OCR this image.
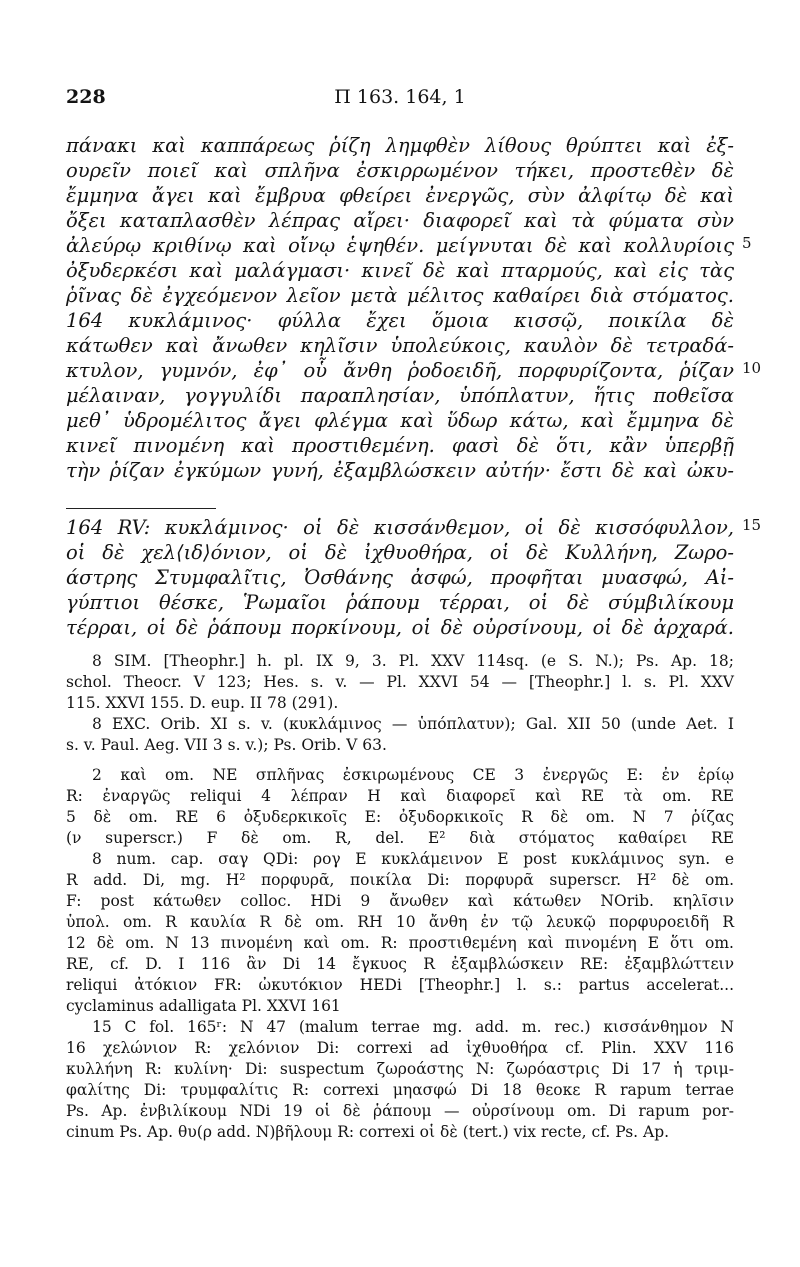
228	Π 163. 164, 1
πάνακι καὶ καππάρεως ῥίζη λημφθὲν λίθους θρύπτει καὶ ἐξ-
ουρεῖν ποιεῖ καὶ σπλῆνα ἐσκιρρωμένον τήκει, προστεθὲν δὲ
ἔμμηνα ἄγει καὶ ἔμβρυα φθείρει ἐνεργῶς, σὺν ἀλφίτῳ δὲ καὶ
ὄξει καταπλασθὲν λέπρας αἴρει· διαφορεῖ καὶ τὰ φύματα σὺν
ἀλεύρῳ κριθίνῳ καὶ οἴνῳ ἑψηθέν. μείγνυται δὲ καὶ κολλυρίοις 5
ὀξυδερκέσι καὶ μαλάγμασι· κινεῖ δὲ καὶ πταρμούς, καὶ εἰς τὰς
ῥῖνας δὲ ἐγχεόμενον λεῖον μετὰ μέλιτος καθαίρει διὰ στόματος.
164 κυκλάμινος· φύλλα ἔχει ὅμοια κισσῷ, ποικίλα δὲ
κάτωθεν καὶ ἄνωθεν κηλῖσιν ὑπολεύκοις, καυλὸν δὲ τετραδά-
κτυλον, γυμνόν, ἐφ᾽ οὗ ἄνθη ῥοδοειδῆ, πορφυρίζοντα, ῥίζαν 10
μέλαιναν, γογγυλίδι παραπλησίαν, ὑπόπλατυν, ἥτις ποθεῖσα
μεθ᾽ ὑδρομέλιτος ἄγει φλέγμα καὶ ὕδωρ κάτω, καὶ ἔμμηνα δὲ
κινεῖ πινομένη καὶ προστιθεμένη. φασὶ δὲ ὅτι, κἂν ὑπερβῇ
τὴν ῥίζαν ἐγκύμων γυνή, ἐξαμβλώσκειν αὐτήν· ἔστι δὲ καὶ ὠκυ-
164 RV: κυκλάμινος· οἱ δὲ κισσάνθεμον, οἱ δὲ κισσόφυλλον, 15
οἱ δὲ χελ⟨ιδ⟩όνιον, οἱ δὲ ἰχθυοθήρα, οἱ δὲ Κυλλήνη, Ζωρο-
άστρης Στυμφαλῖτις, Ὀσθάνης ἀσφώ, προφῆται μυασφώ, Αἰ-
γύπτιοι θέσκε, Ῥωμαῖοι ῥάπουμ τέρραι, οἱ δὲ σύμβιλίκουμ
τέρραι, οἱ δὲ ῥάπουμ πορκίνουμ, οἱ δὲ οὐρσίνουμ, οἱ δὲ ἀρχαρά.
8 SIM. [Theophr.] h. pl. IX 9, 3. Pl. XXV 114sq. (e S. N.); Ps. Ap. 18;
schol. Theocr. V 123; Hes. s. v. — Pl. XXVI 54 — [Theophr.] l. s. Pl. XXV
115. XXVI 155. D. eup. II 78 (291).
8 EXC. Orib. XI s. v. (κυκλάμινος — ὑπόπλατυν); Gal. XII 50 (unde Aet. I
s. v. Paul. Aeg. VII 3 s. v.); Ps. Orib. V 63.
2 καὶ om. NE σπλῆνας ἐσκιρωμένους CE 3 ἐνεργῶς E: ἐν ἐρίῳ
R: ἐναργῶς reliqui 4 λέπραν H καὶ διαφορεῖ καὶ RE τὰ om. RE
5 δὲ om. RE 6 ὀξυδερκικοῖς E: ὀξυδορκικοῖς R δὲ om. N 7 ῥίζας
(ν superscr.) F δὲ om. R, del. E² διὰ στόματος καθαίρει RE
8 num. cap. σαγ QDi: ρογ E κυκλάμεινον E post κυκλάμινος syn. e
R add. Di, mg. H² πορφυρᾶ, ποικίλα Di: πορφυρᾶ superscr. H² δὲ om.
F: post κάτωθεν colloc. HDi 9 ἄνωθεν καὶ κάτωθεν NOrib. κηλῖσιν
ὑπολ. om. R καυλία R δὲ om. RH 10 ἄνθη ἐν τῷ λευκῷ πορφυροειδῆ R
12 δὲ om. N 13 πινομένη καὶ om. R: προστιθεμένη καὶ πινομένη E ὅτι om.
RE, cf. D. I 116 ἂν Di 14 ἔγκυος R ἐξαμβλώσκειν RE: ἐξαμβλώττειν
reliqui ἀτόκιον FR: ὠκυτόκιον HEDi [Theophr.] l. s.: partus accelerat...
cyclaminus adalligata Pl. XXVI 161
15 C fol. 165ʳ: N 47 (malum terrae mg. add. m. rec.) κισσάνθημον N
16 χελώνιον R: χελόνιον Di: correxi ad ἰχθυοθήρα cf. Plin. XXV 116
κυλλήνη R: κυλίνη· Di: suspectum ζωροάστης N: ζωρόαστρις Di 17 ἡ τριμ-
φαλίτης Di: τρυμφαλίτις R: correxi μηασφώ Di 18 θεοκε R rapum terrae
Ps. Ap. ἐνβιλίκουμ NDi 19 οἱ δὲ ῥάπουμ — οὐρσίνουμ om. Di rapum por-
cinum Ps. Ap. θυ(ρ add. N)βῆλουμ R: correxi οἱ δὲ (tert.) vix recte, cf. Ps. Ap.
